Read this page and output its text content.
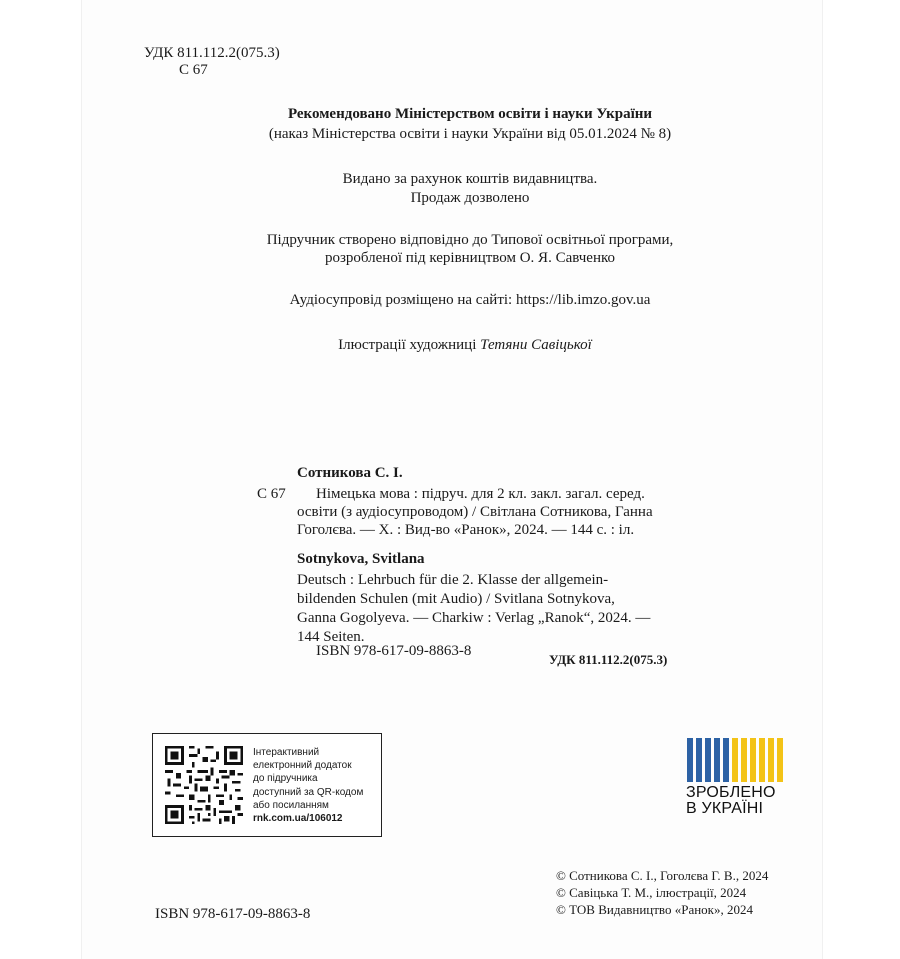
УДК 811.112.2(075.3)
С 67
Рекомендовано Міністерством освіти і науки України
(наказ Міністерства освіти і науки України від 05.01.2024 № 8)
Видано за рахунок коштів видавництва.
Продаж дозволено
Підручник створено відповідно до Типової освітньої програми,
розробленої під керівництвом О. Я. Савченко
Аудіосупровід розміщено на сайті: https://lib.imzo.gov.ua
Ілюстрації художниці Тетяни Савіцької
Сотникова С. І.
С 67 Німецька мова : підруч. для 2 кл. закл. загал. серед.
освіти (з аудіосупроводом) / Світлана Сотникова, Ганна
Гоголєва. — Х. : Вид-во «Ранок», 2024. — 144 с. : іл.
Sotnykova, Svitlana
Deutsch : Lehrbuch für die 2. Klasse der allgemein-
bildenden Schulen (mit Audio) / Svitlana Sotnykova,
Ganna Gogolyeva. — Charkiw : Verlag „Ranok“, 2024. —
144 Seiten.
ISBN 978-617-09-8863-8
УДК 811.112.2(075.3)
Інтерактивний
електронний додаток
до підручника
доступний за QR-кодом
або посиланням
rnk.com.ua/106012
ЗРОБЛЕНО
В УКРАЇНІ
ISBN 978-617-09-8863-8
© Сотникова С. І., Гоголєва Г. В., 2024
© Савіцька Т. М., ілюстрації, 2024
© ТОВ Видавництво «Ранок», 2024
